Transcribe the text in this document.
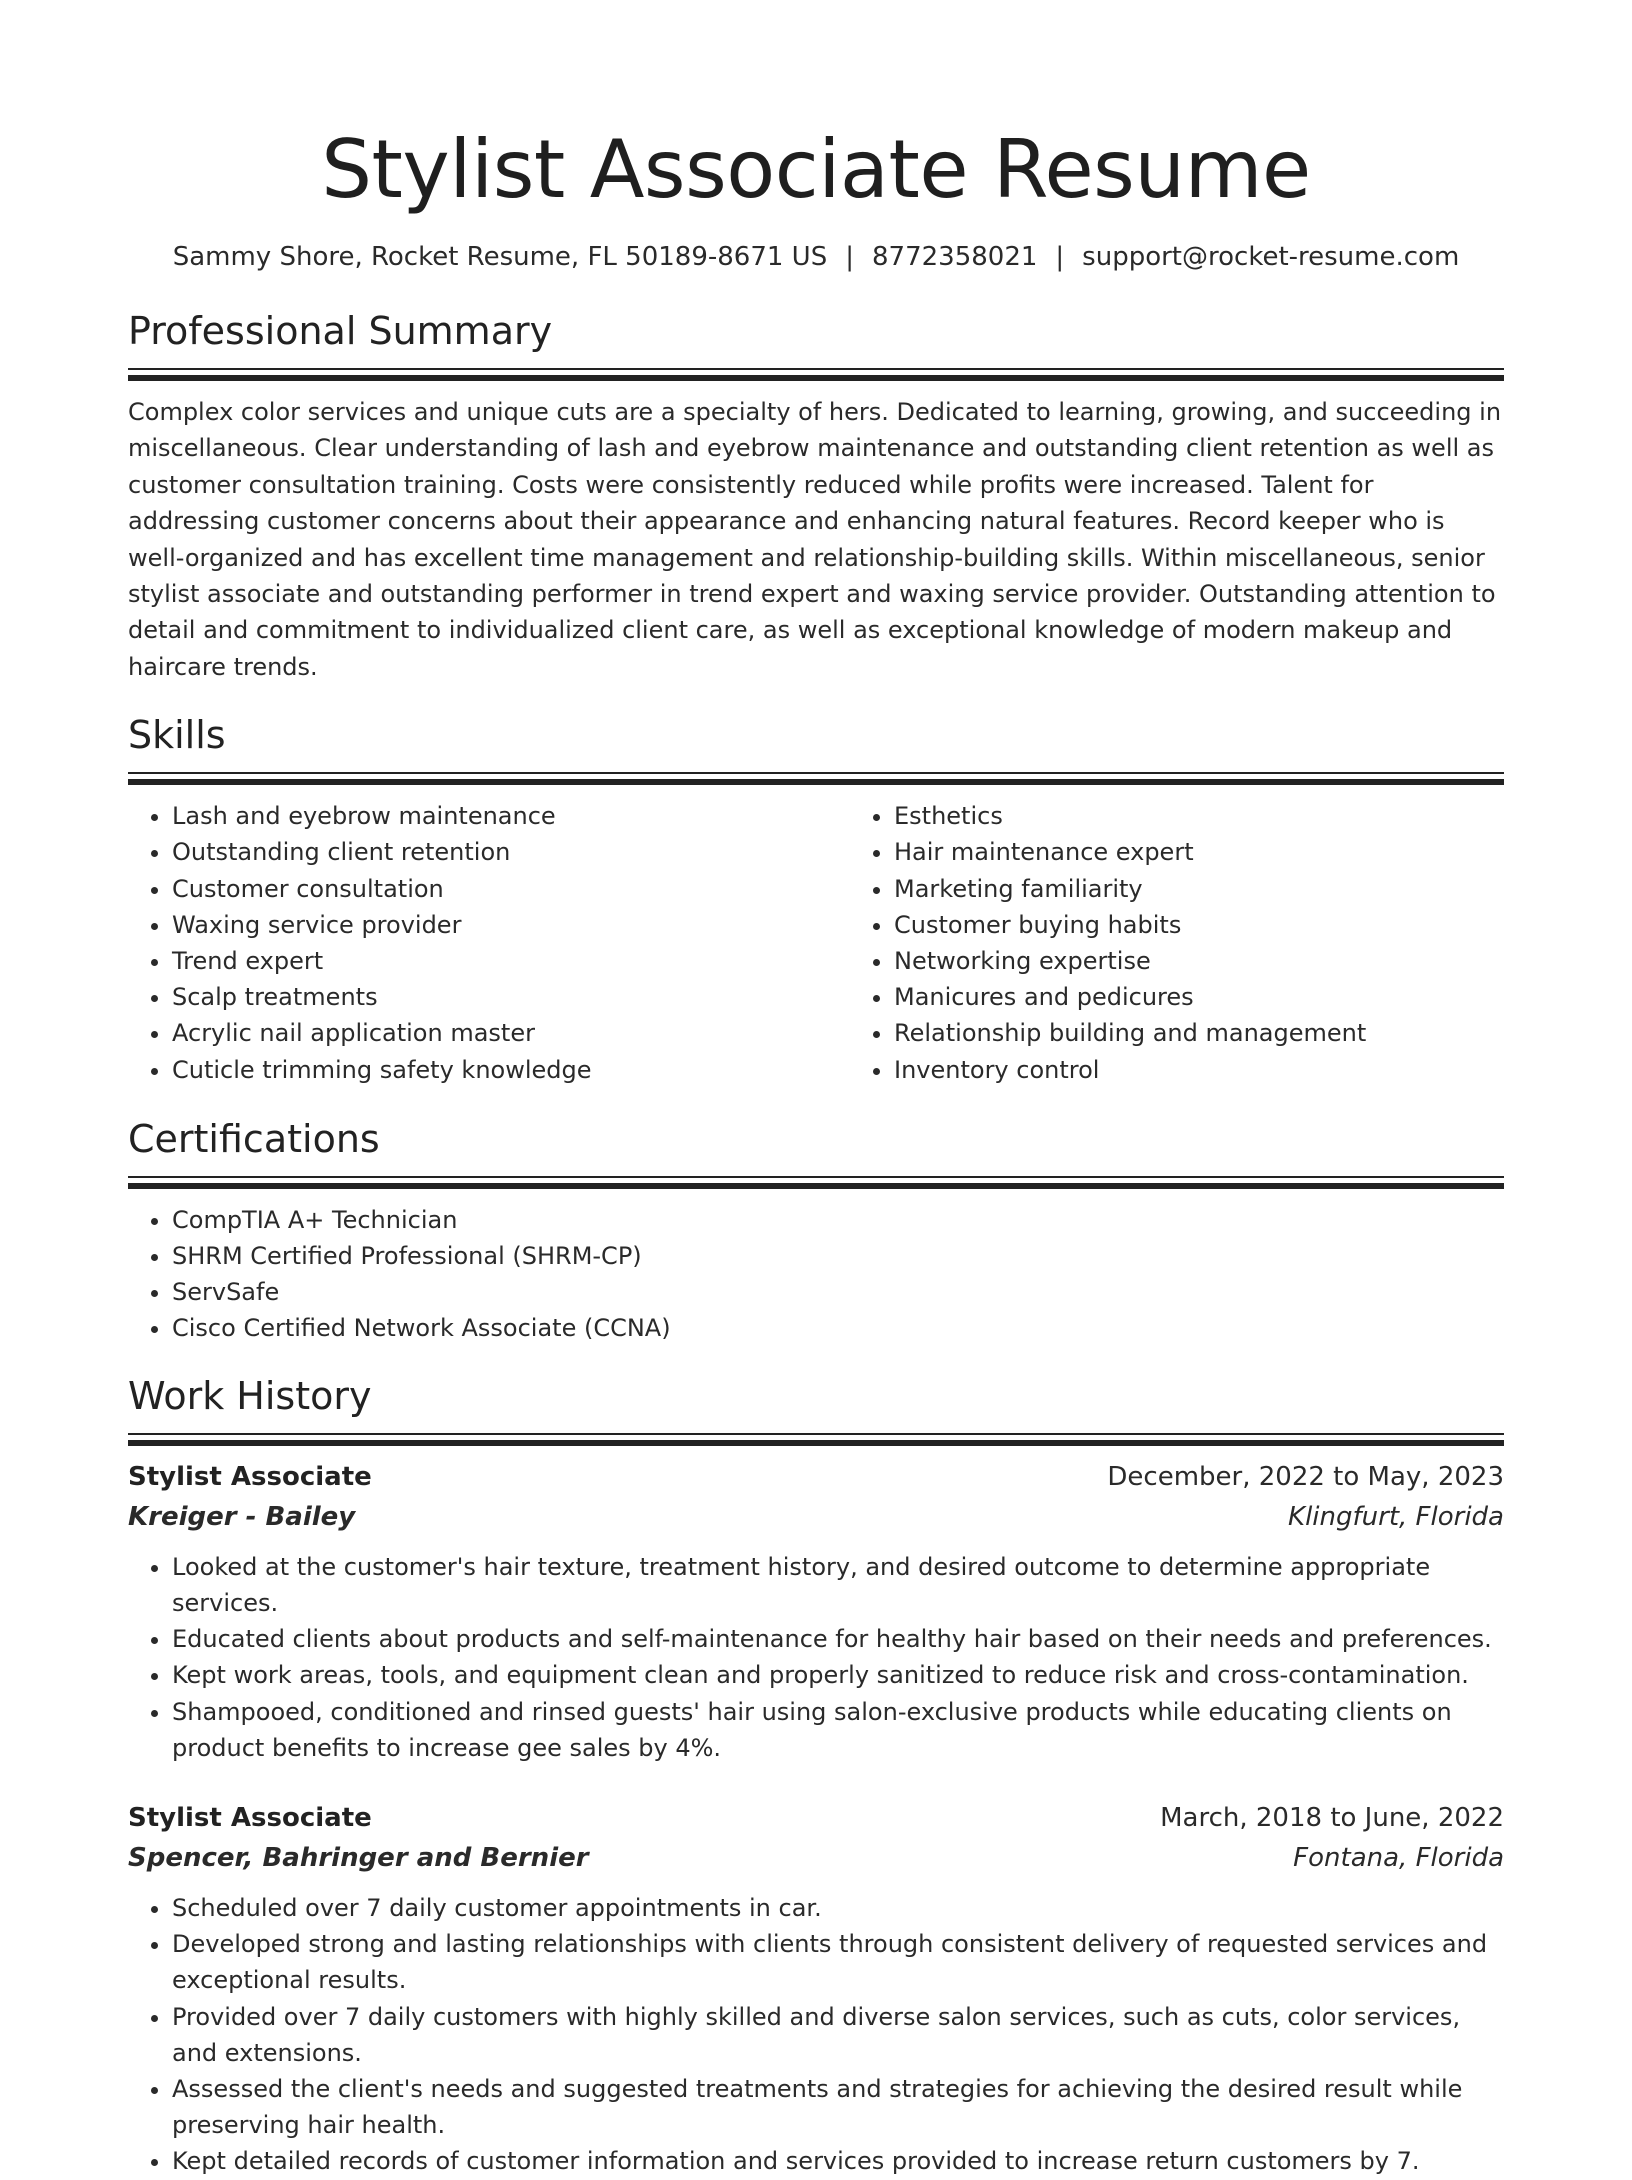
Stylist Associate Resume
Sammy Shore, Rocket Resume, FL 50189-8671 US | 8772358021 | support@rocket-resume.com
Professional Summary
Complex color services and unique cuts are a specialty of hers. Dedicated to learning, growing, and succeeding in miscellaneous. Clear understanding of lash and eyebrow maintenance and outstanding client retention as well as customer consultation training. Costs were consistently reduced while profits were increased. Talent for addressing customer concerns about their appearance and enhancing natural features. Record keeper who is well-organized and has excellent time management and relationship-building skills. Within miscellaneous, senior stylist associate and outstanding performer in trend expert and waxing service provider. Outstanding attention to detail and commitment to individualized client care, as well as exceptional knowledge of modern makeup and haircare trends.
Skills
• Lash and eyebrow maintenance
• Outstanding client retention
• Customer consultation
• Waxing service provider
• Trend expert
• Scalp treatments
• Acrylic nail application master
• Cuticle trimming safety knowledge
• Esthetics
• Hair maintenance expert
• Marketing familiarity
• Customer buying habits
• Networking expertise
• Manicures and pedicures
• Relationship building and management
• Inventory control
Certifications
• CompTIA A+ Technician
• SHRM Certified Professional (SHRM-CP)
• ServSafe
• Cisco Certified Network Associate (CCNA)
Work History
Stylist Associate	December, 2022 to May, 2023
Kreiger - Bailey	Klingfurt, Florida
• Looked at the customer's hair texture, treatment history, and desired outcome to determine appropriate services.
• Educated clients about products and self-maintenance for healthy hair based on their needs and preferences.
• Kept work areas, tools, and equipment clean and properly sanitized to reduce risk and cross-contamination.
• Shampooed, conditioned and rinsed guests' hair using salon-exclusive products while educating clients on product benefits to increase gee sales by 4%.
Stylist Associate	March, 2018 to June, 2022
Spencer, Bahringer and Bernier	Fontana, Florida
• Scheduled over 7 daily customer appointments in car.
• Developed strong and lasting relationships with clients through consistent delivery of requested services and exceptional results.
• Provided over 7 daily customers with highly skilled and diverse salon services, such as cuts, color services, and extensions.
• Assessed the client's needs and suggested treatments and strategies for achieving the desired result while preserving hair health.
• Kept detailed records of customer information and services provided to increase return customers by 7.
